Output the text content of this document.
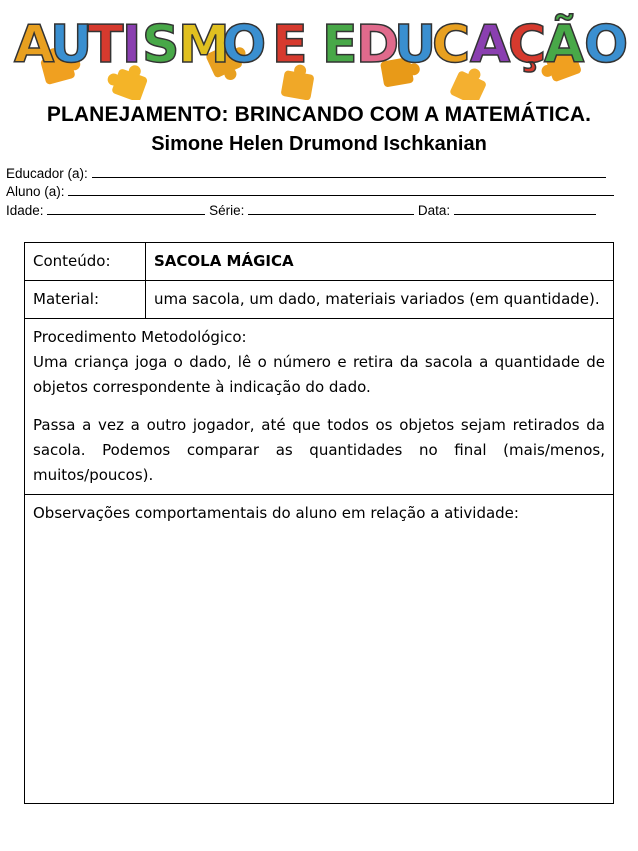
A
U
T
I S
M
O E E
D
U
C A
Ç
Ã O
PLANEJAMENTO: BRINCANDO COM A MATEMÁTICA.
Simone Helen Drumond Ischkanian
Educador (a):
Aluno (a):
Idade:	Série:	Data:
Conteúdo:	SACOLA MÁGICA
Material:	uma sacola, um dado, materiais variados (em quantidade).

Procedimento Metodológico:

Uma criança joga o dado, lê o número e retira da sacola a quantidade de objetos correspondente à indicação do dado.

Passa a vez a outro jogador, até que todos os objetos sejam retirados da sacola. Podemos comparar as quantidades no final (mais/menos, muitos/poucos).	

Observações comportamentais do aluno em relação a atividade:	
